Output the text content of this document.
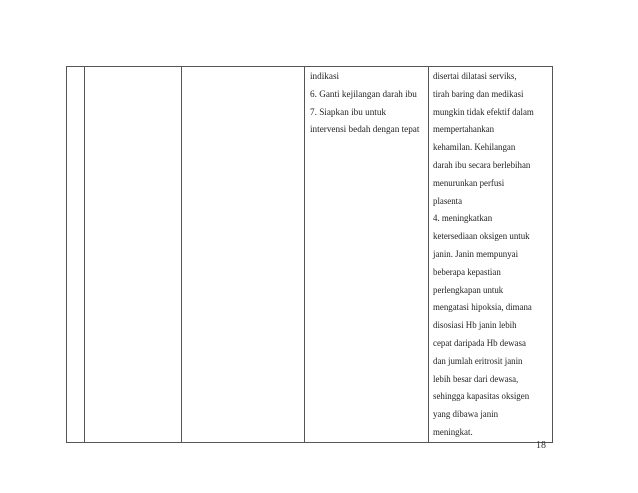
indikasi
6. Ganti kejilangan darah ibu
7. Siapkan ibu untuk
intervensi bedah dengan tepat

disertai dilatasi serviks,
tirah baring dan medikasi
mungkin tidak efektif dalam
mempertahankan
kehamilan. Kehilangan
darah ibu secara berlebihan
menurunkan perfusi
plasenta
4. meningkatkan
ketersediaan oksigen untuk
janin. Janin mempunyai
beberapa kepastian
perlengkapan untuk
mengatasi hipoksia, dimana
disosiasi Hb janin lebih
cepat daripada Hb dewasa
dan jumlah eritrosit janin
lebih besar dari dewasa,
sehingga kapasitas oksigen
yang dibawa janin
meningkat.
18
